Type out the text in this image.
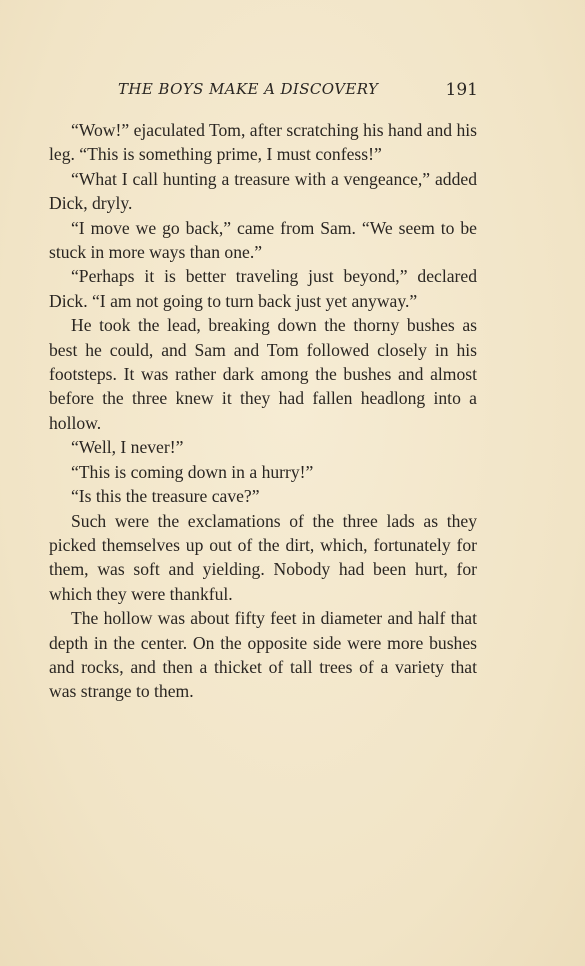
THE BOYS MAKE A DISCOVERY	191

“Wow!” ejaculated Tom, after scratching his hand and his leg. “This is something prime, I must confess!”

“What I call hunting a treasure with a vengeance,” added Dick, dryly.

“I move we go back,” came from Sam. “We seem to be stuck in more ways than one.”

“Perhaps it is better traveling just beyond,” declared Dick. “I am not going to turn back just yet anyway.”

He took the lead, breaking down the thorny bushes as best he could, and Sam and Tom followed closely in his footsteps. It was rather dark among the bushes and almost before the three knew it they had fallen headlong into a hollow.

“Well, I never!”

“This is coming down in a hurry!”

“Is this the treasure cave?”

Such were the exclamations of the three lads as they picked themselves up out of the dirt, which, fortunately for them, was soft and yielding. Nobody had been hurt, for which they were thankful.

The hollow was about fifty feet in diameter and half that depth in the center. On the opposite side were more bushes and rocks, and then a thicket of tall trees of a variety that was strange to them.
